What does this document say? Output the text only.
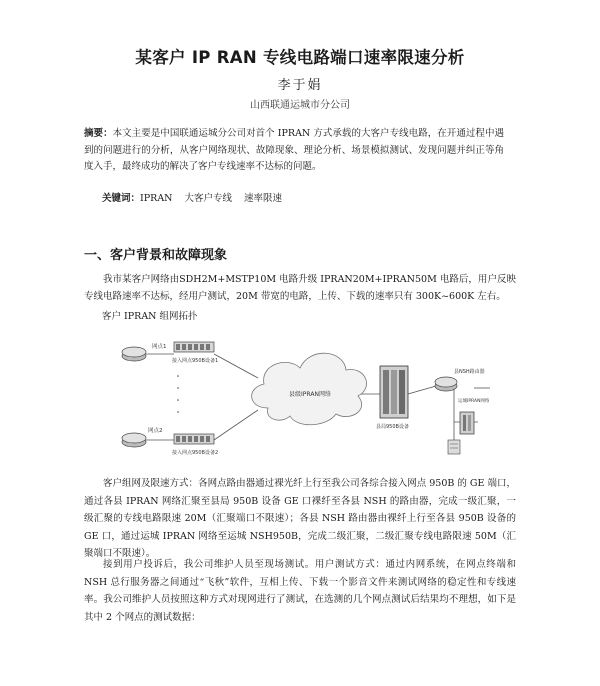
某客户 IP RAN 专线电路端口速率限速分析
李于娟
山西联通运城市分公司

摘要：本文主要是中国联通运城分公司对首个 IPRAN 方式承载的大客户专线电路，在开通过程中遇到的问题进行的分析，从客户网络现状、故障现象、理论分析、场景模拟测试、发现问题并纠正等角度入手，最终成功的解决了客户专线速率不达标的问题。

关键词：IPRAN 大客户专线 速率限速

一、客户背景和故障现象

我市某客户网络由SDH2M+MSTP10M 电路升级 IPRAN20M+IPRAN50M 电路后，用户反映专线电路速率不达标，经用户测试，20M 带宽的电路，上传、下载的速率只有 300K~600K 左右。

客户 IPRAN 组网拓扑

网点1
接入网点950B设备1
网点2
接入网点950B设备2
县级IPRAN网络
县局950B设备
县NSH路由器
运城IPRAN网络

客户组网及限速方式：各网点路由器通过裸光纤上行至我公司各综合接入网点 950B 的 GE 端口，通过各县 IPRAN 网络汇聚至县局 950B 设备 GE 口裸纤至各县 NSH 的路由器，完成一级汇聚，一级汇聚的专线电路限速 20M（汇聚端口不限速）；各县 NSH 路由器由裸纤上行至各县 950B 设备的 GE 口，通过运城 IPRAN 网络至运城 NSH950B，完成二级汇聚，二级汇聚专线电路限速 50M（汇聚端口不限速）。

接到用户投诉后，我公司维护人员至现场测试。用户测试方式：通过内网系统，在网点终端和 NSH 总行服务器之间通过“飞秋”软件，互相上传、下载一个影音文件来测试网络的稳定性和专线速率。我公司维护人员按照这种方式对现网进行了测试，在选测的几个网点测试后结果均不理想，如下是其中 2 个网点的测试数据：
